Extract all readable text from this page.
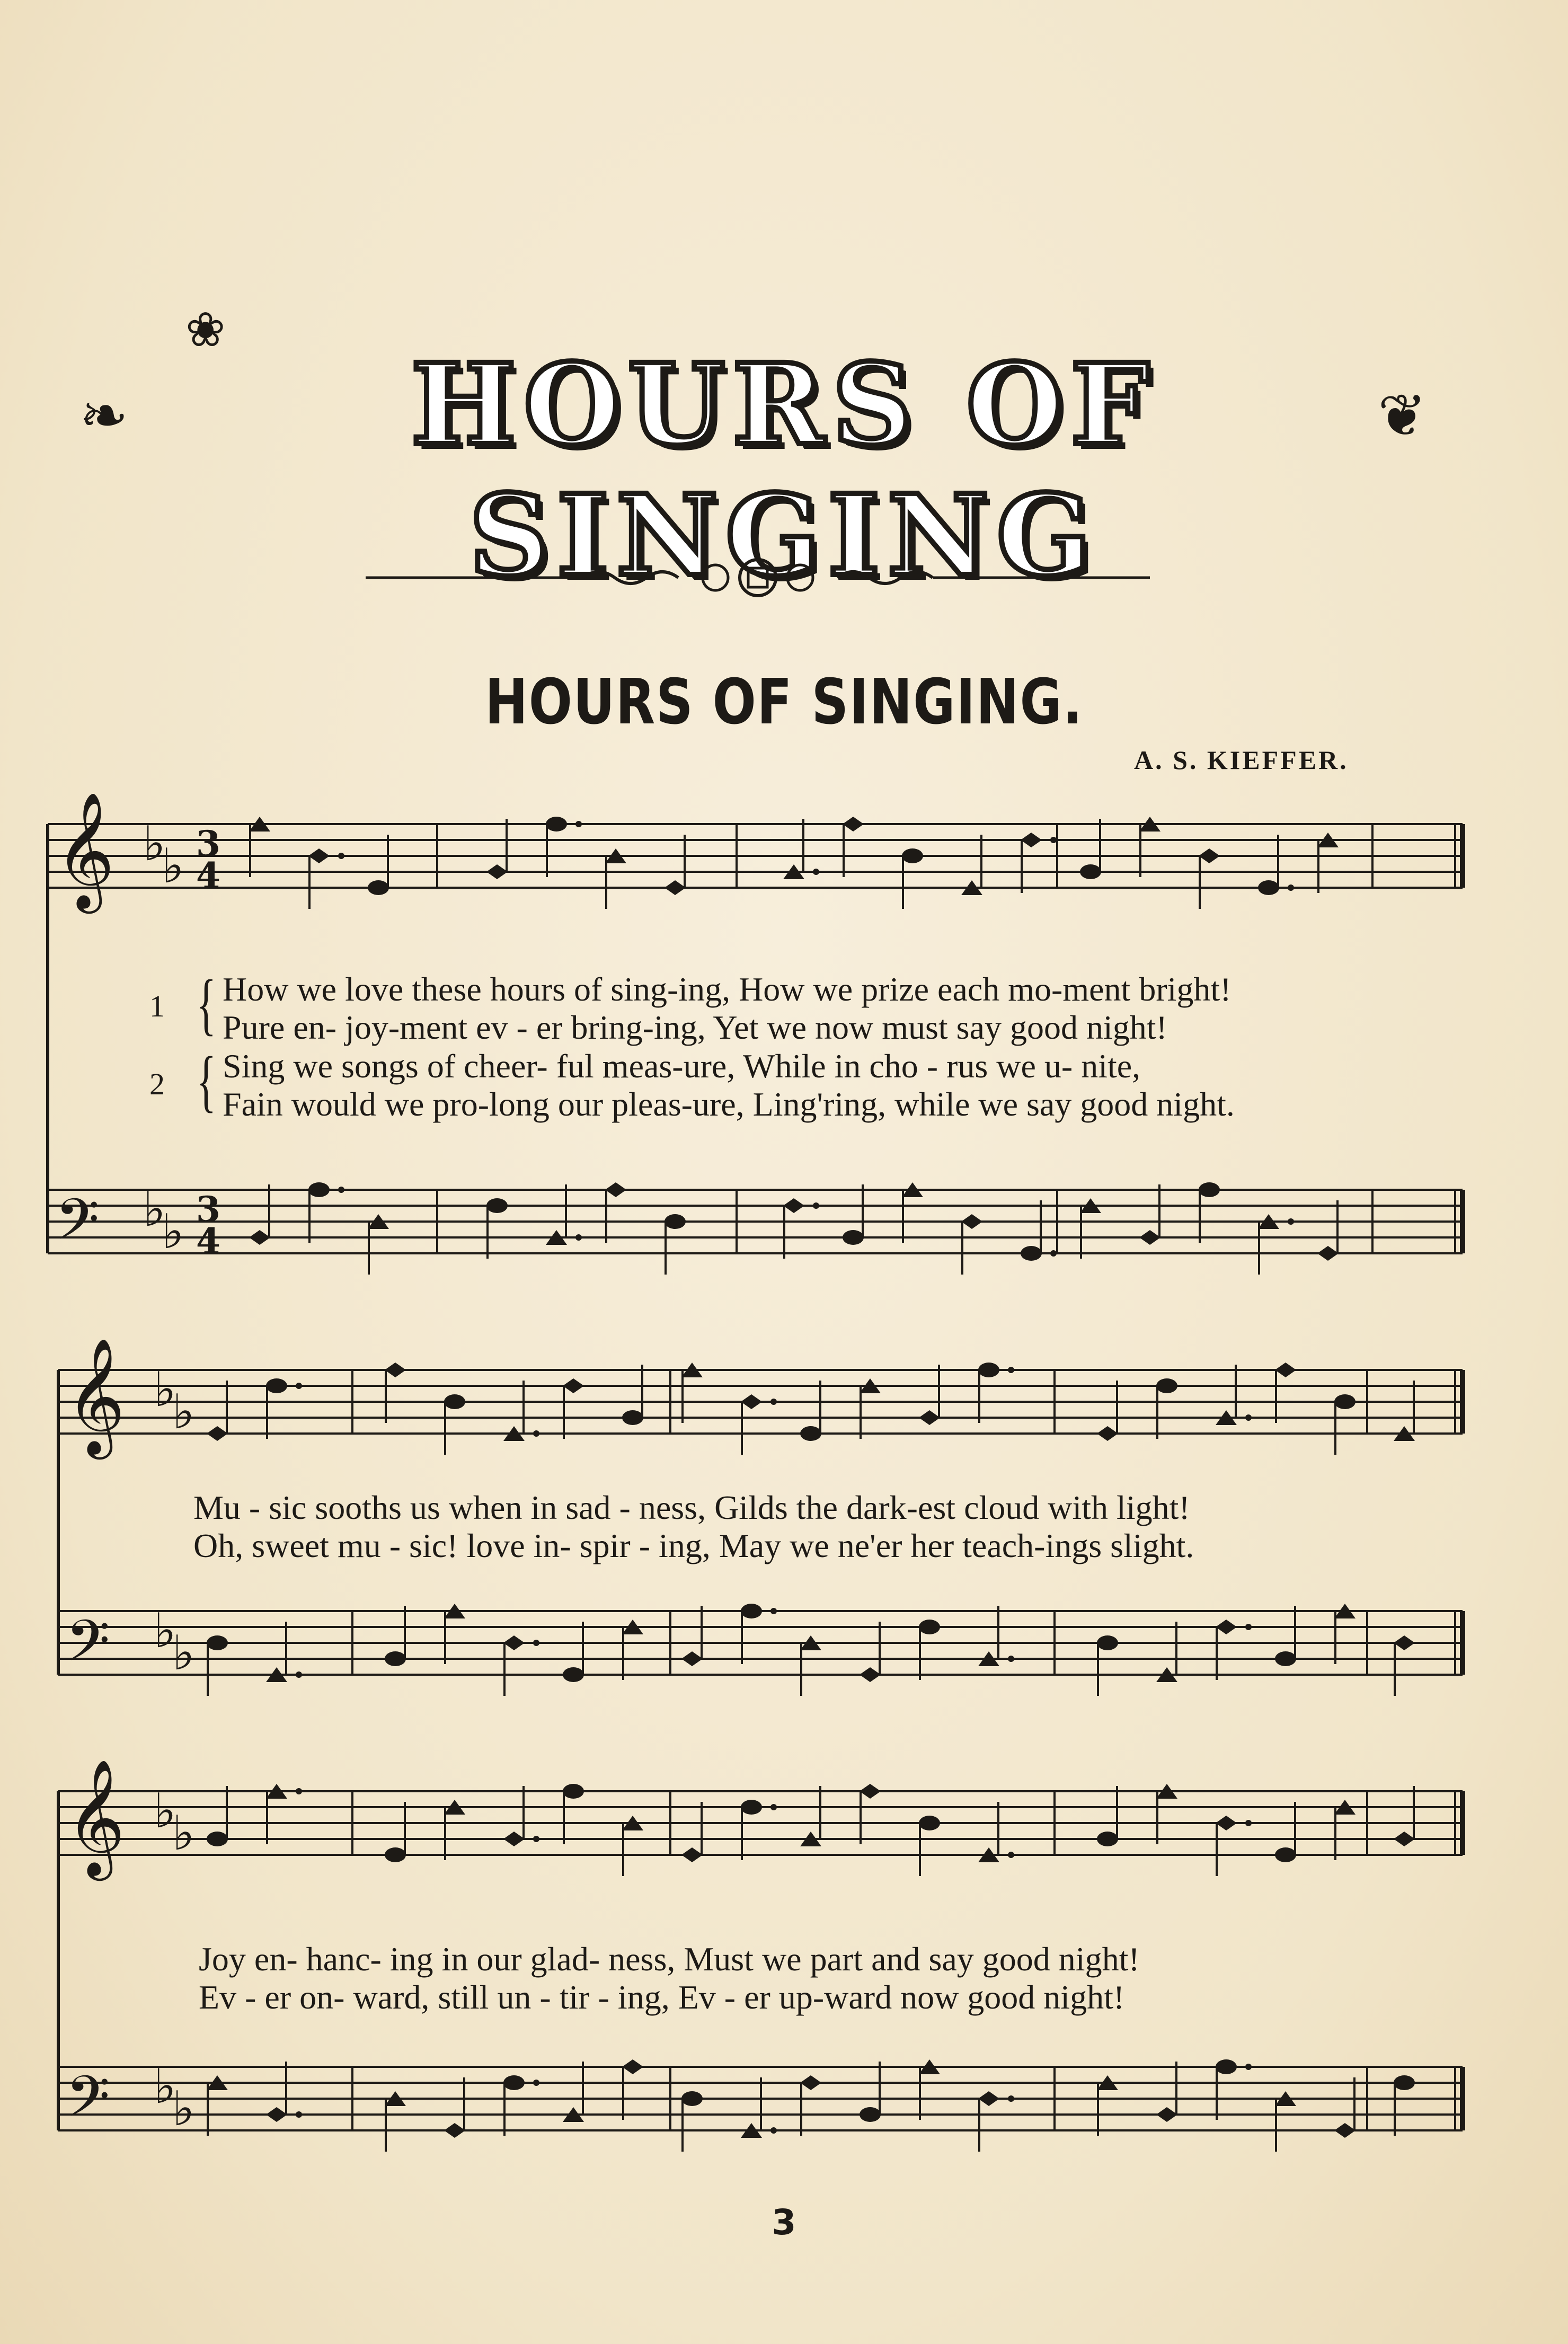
❀
❧	HOURS OF SINGING
❦
HOURS OF SINGING.
A. S. KIEFFER.
𝄞 ♭
♭ 3
4
𝄢 ♭
♭ 3
4
𝄞 ♭
♭
𝄢 ♭
♭
𝄞 ♭
♭
𝄢 ♭
♭
1 { How we love these hours of sing-ing, How we prize each mo-ment bright!
Pure en- joy-ment ev - er bring-ing, Yet we now must say good night!
2 { Sing we songs of cheer- ful meas-ure, While in cho - rus we u- nite,
Fain would we pro-long our pleas-ure, Ling'ring, while we say good night.
Mu - sic sooths us when in sad - ness, Gilds the dark-est cloud with light!
Oh, sweet mu - sic! love in- spir - ing, May we ne'er her teach-ings slight.
Joy en- hanc- ing in our glad- ness, Must we part and say good night!
Ev - er on- ward, still un - tir - ing, Ev - er up-ward now good night!
3
